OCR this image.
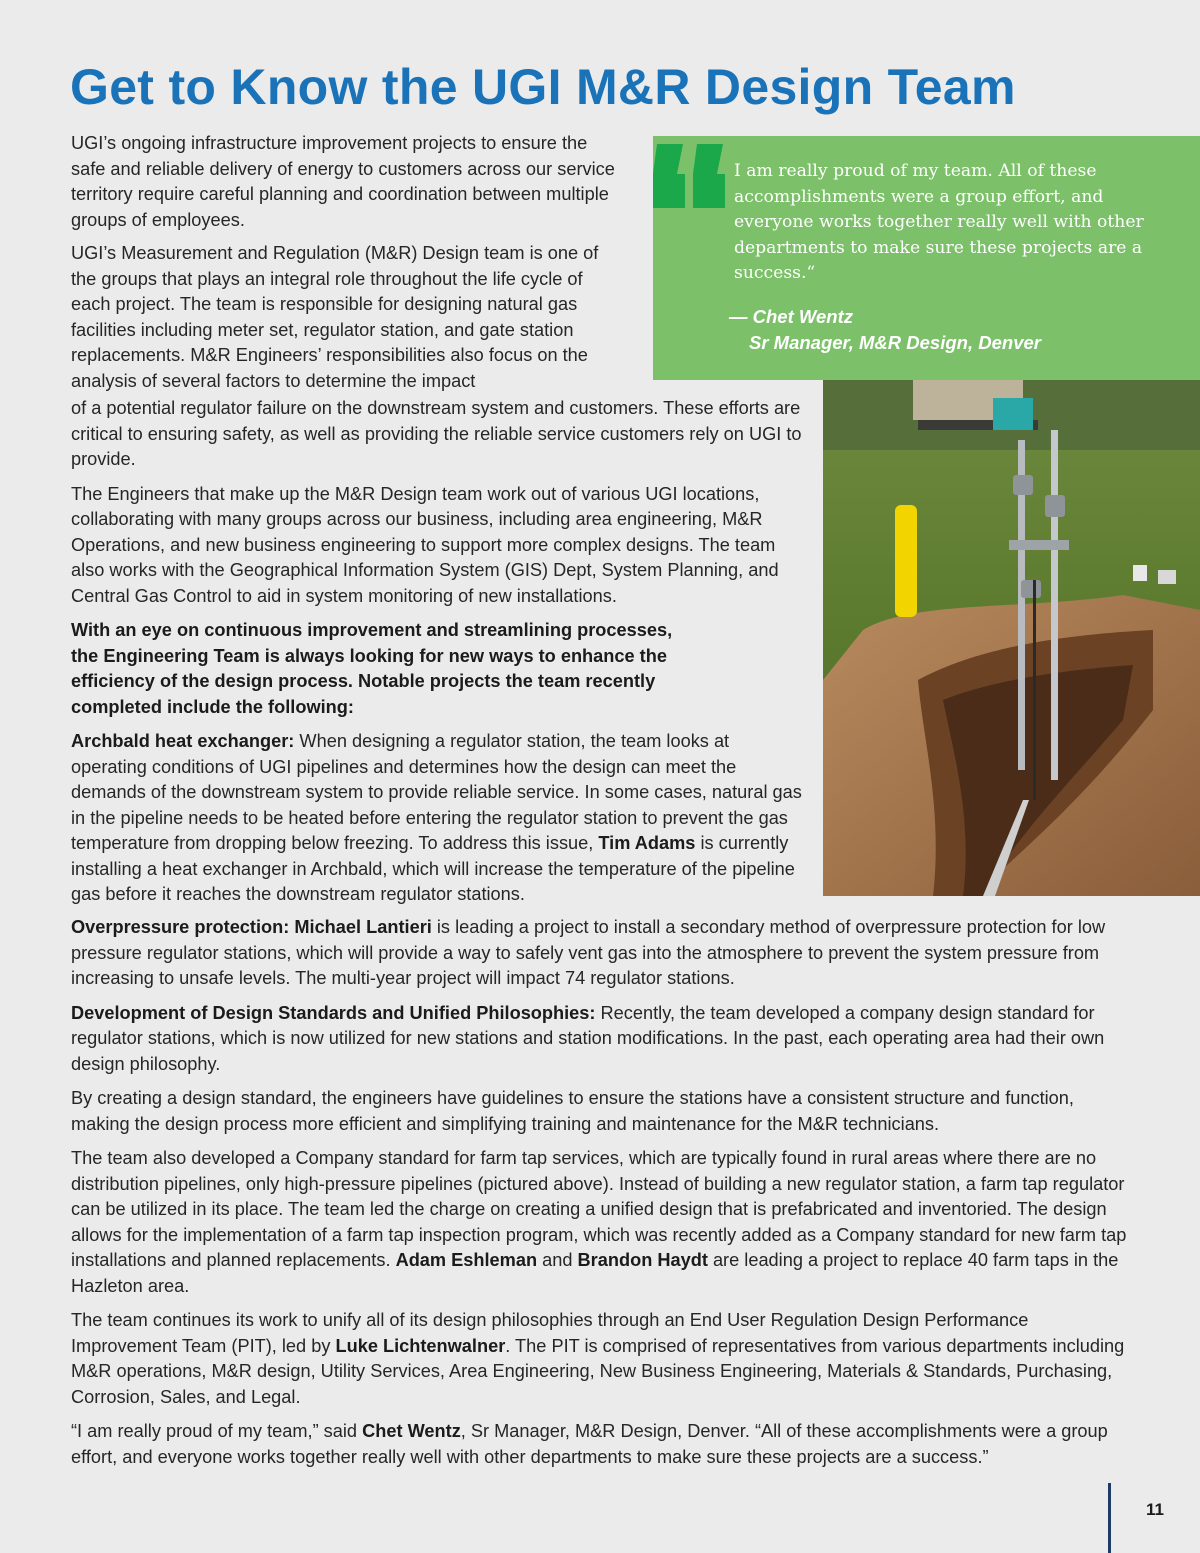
Get to Know the UGI M&R Design Team

UGI’s ongoing infrastructure improvement projects to ensure the safe and reliable delivery of energy to customers across our service territory require careful planning and coordination between multiple groups of employees.

UGI’s Measurement and Regulation (M&R) Design team is one of the groups that plays an integral role throughout the life cycle of each project. The team is responsible for designing natural gas facilities including meter set, regulator station, and gate station replacements. M&R Engineers’ responsibilities also focus on the analysis of several factors to determine the impact

of a potential regulator failure on the downstream system and customers. These efforts are critical to ensuring safety, as well as providing the reliable service customers rely on UGI to provide.

The Engineers that make up the M&R Design team work out of various UGI locations, collaborating with many groups across our business, including area engineering, M&R Operations, and new business engineering to support more complex designs. The team also works with the Geographical Information System (GIS) Dept, System Planning, and Central Gas Control to aid in system monitoring of new installations.

With an eye on continuous improvement and streamlining processes, the Engineering Team is always looking for new ways to enhance the efficiency of the design process. Notable projects the team recently completed include the following:

Archbald heat exchanger: When designing a regulator station, the team looks at operating conditions of UGI pipelines and determines how the design can meet the demands of the downstream system to provide reliable service. In some cases, natural gas in the pipeline needs to be heated before entering the regulator station to prevent the gas temperature from dropping below freezing. To address this issue, Tim Adams is currently installing a heat exchanger in Archbald, which will increase the temperature of the pipeline gas before it reaches the downstream regulator stations.

Overpressure protection: Michael Lantieri is leading a project to install a secondary method of overpressure protection for low pressure regulator stations, which will provide a way to safely vent gas into the atmosphere to prevent the system pressure from increasing to unsafe levels. The multi-year project will impact 74 regulator stations.

Development of Design Standards and Unified Philosophies: Recently, the team developed a company design standard for regulator stations, which is now utilized for new stations and station modifications. In the past, each operating area had their own design philosophy.

By creating a design standard, the engineers have guidelines to ensure the stations have a consistent structure and function, making the design process more efficient and simplifying training and maintenance for the M&R technicians.

The team also developed a Company standard for farm tap services, which are typically found in rural areas where there are no distribution pipelines, only high-pressure pipelines (pictured above). Instead of building a new regulator station, a farm tap regulator can be utilized in its place. The team led the charge on creating a unified design that is prefabricated and inventoried. The design allows for the implementation of a farm tap inspection program, which was recently added as a Company standard for new farm tap installations and planned replacements. Adam Eshleman and Brandon Haydt are leading a project to replace 40 farm taps in the Hazleton area.

The team continues its work to unify all of its design philosophies through an End User Regulation Design Performance Improvement Team (PIT), led by Luke Lichtenwalner. The PIT is comprised of representatives from various departments including M&R operations, M&R design, Utility Services, Area Engineering, New Business Engineering, Materials & Standards, Purchasing, Corrosion, Sales, and Legal.

“I am really proud of my team,” said Chet Wentz, Sr Manager, M&R Design, Denver. “All of these accomplishments were a group effort, and everyone works together really well with other departments to make sure these projects are a success.”

I am really proud of my team. All of these accomplishments were a group effort, and everyone works together really well with other departments to make sure these projects are a success.“

— Chet Wentz

Sr Manager, M&R Design, Denver

11
